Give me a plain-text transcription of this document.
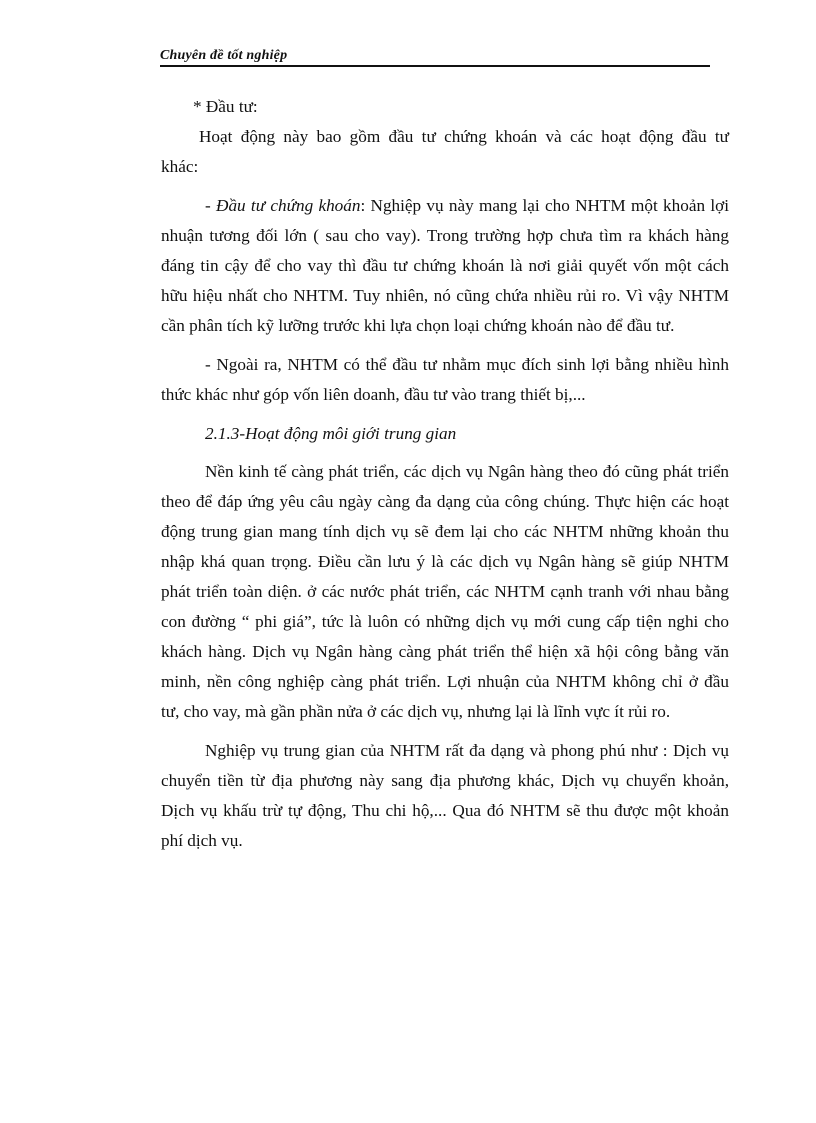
Chuyên đề tốt nghiệp
* Đầu tư:
Hoạt động này bao gồm đầu tư chứng khoán và các hoạt động đầu tư
khác:
- Đầu tư chứng khoán: Nghiệp vụ này mang lại cho NHTM một khoản lợi
nhuận tương đối lớn ( sau cho vay). Trong trường hợp chưa tìm ra khách hàng
đáng tin cậy để cho vay thì đầu tư chứng khoán là nơi giải quyết vốn một cách
hữu hiệu nhất cho NHTM. Tuy nhiên, nó cũng chứa nhiều rủi ro. Vì vậy NHTM
cần phân tích kỹ lưỡng trước khi lựa chọn loại chứng khoán nào để đầu tư.
- Ngoài ra, NHTM có thể đầu tư nhằm mục đích sinh lợi bằng nhiều hình
thức khác như góp vốn liên doanh, đầu tư vào trang thiết bị,...
2.1.3-Hoạt động môi giới trung gian
Nền kinh tế càng phát triển, các dịch vụ Ngân hàng theo đó cũng phát triển
theo để đáp ứng yêu câu ngày càng đa dạng của công chúng. Thực hiện các hoạt
động trung gian mang tính dịch vụ sẽ đem lại cho các NHTM những khoản thu
nhập khá quan trọng. Điều cần lưu ý là các dịch vụ Ngân hàng sẽ giúp NHTM
phát triển toàn diện. ở các nước phát triển, các NHTM cạnh tranh với nhau bằng
con đường “ phi giá”, tức là luôn có những dịch vụ mới cung cấp tiện nghi cho
khách hàng. Dịch vụ Ngân hàng càng phát triển thể hiện xã hội công bằng văn
minh, nền công nghiệp càng phát triển. Lợi nhuận của NHTM không chỉ ở đầu
tư, cho vay, mà gần phần nửa ở các dịch vụ, nhưng lại là lĩnh vực ít rủi ro.
Nghiệp vụ trung gian của NHTM rất đa dạng và phong phú như : Dịch vụ
chuyển tiền từ địa phương này sang địa phương khác, Dịch vụ chuyển khoản,
Dịch vụ khấu trừ tự động, Thu chi hộ,... Qua đó NHTM sẽ thu được một khoản
phí dịch vụ.
